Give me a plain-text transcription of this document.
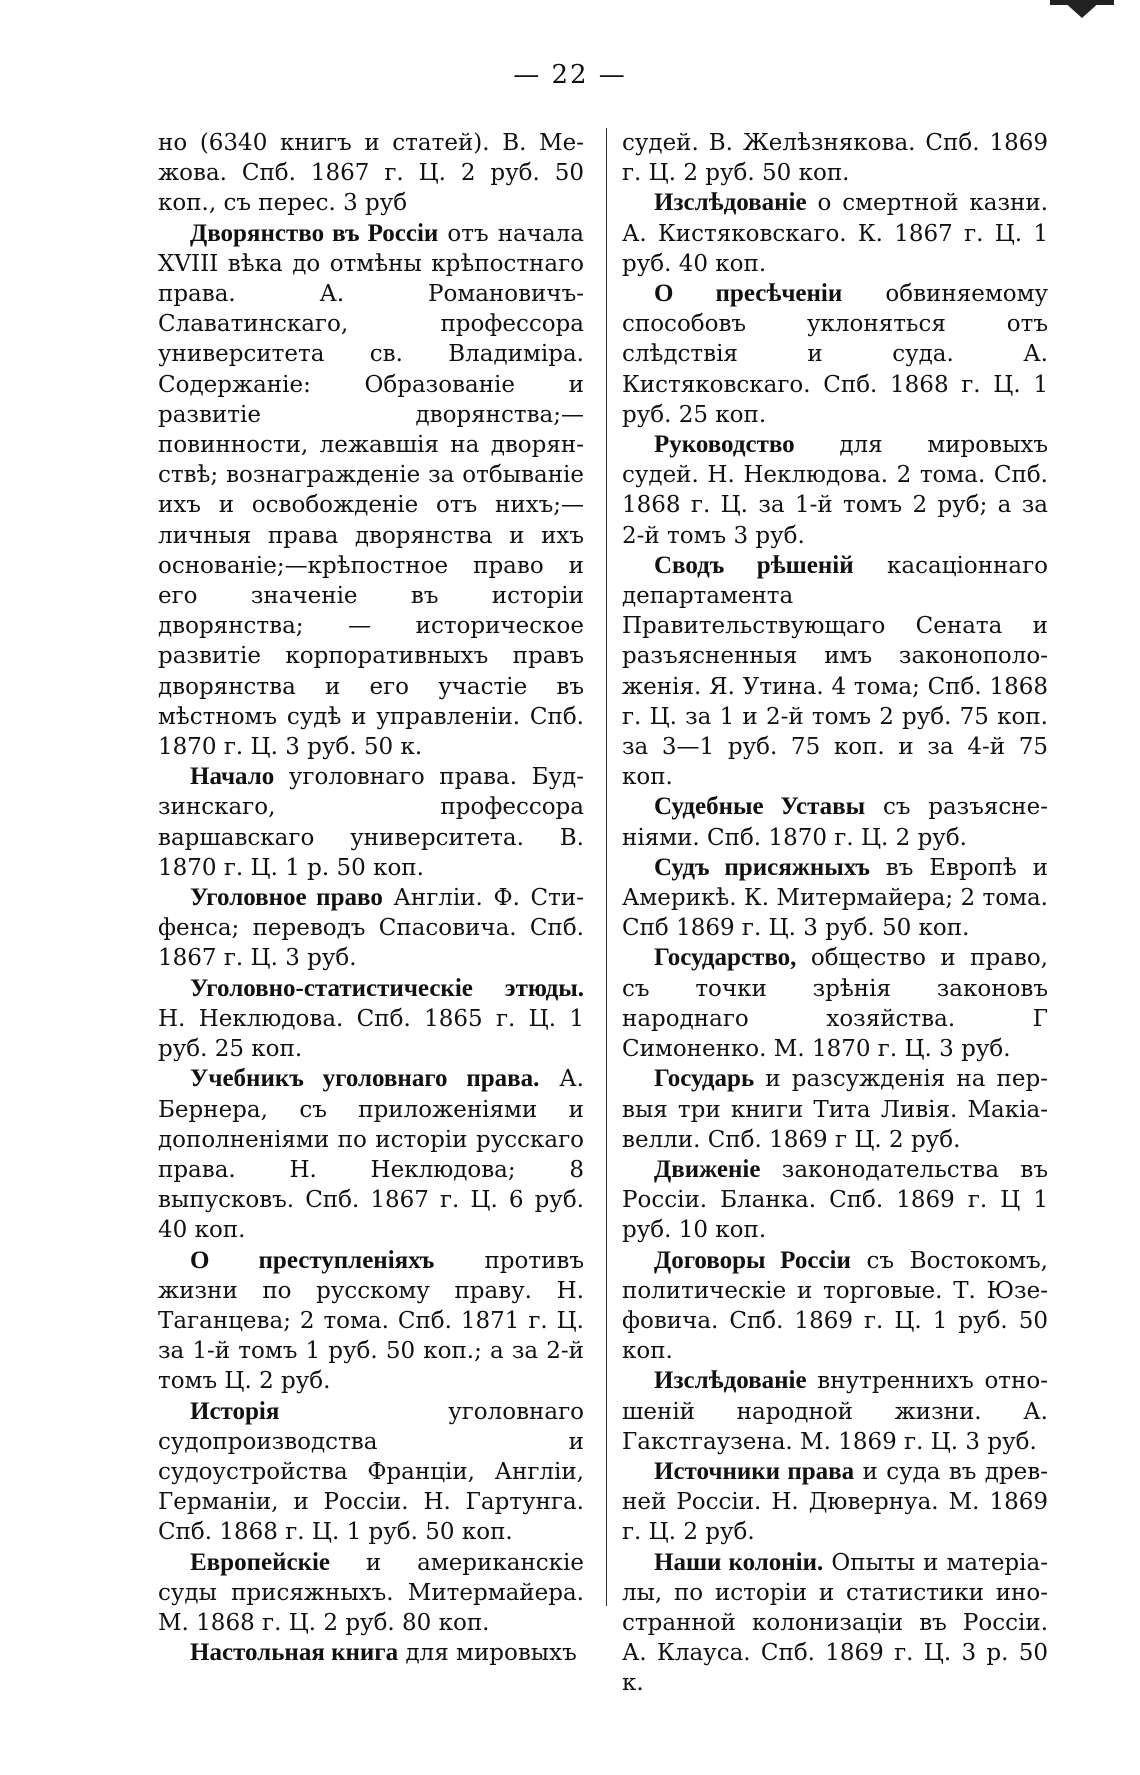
— 22 —

но (6340 книгъ и статей). В. Межова. Спб. 1867 г. Ц. 2 руб. 50 коп., съ перес. 3 руб

Дворянство въ Россіи отъ начала XVIII вѣка до отмѣны крѣпостнаго права. А. Романовичъ-Славатинскаго, профессора университета св. Владиміра. Содержаніе: Образованіе и развитіе дворянства;— повинности, лежавшія на дворянствѣ; вознагражденіе за отбываніе ихъ и освобожденіе отъ нихъ;— личныя права дворянства и ихъ основаніе;—крѣпостное право и его значеніе въ исторіи дворянства; — историческое развитіе корпоративныхъ правъ дворянства и его участіе въ мѣстномъ судѣ и управленіи. Спб. 1870 г. Ц. 3 руб. 50 к.

Начало уголовнаго права. Будзинскаго, профессора варшавскаго университета. В. 1870 г. Ц. 1 р. 50 коп.

Уголовное право Англіи. Ф. Стифенса; переводъ Спасовича. Спб. 1867 г. Ц. 3 руб.

Уголовно-статистическіе этюды. Н. Неклюдова. Спб. 1865 г. Ц. 1 руб. 25 коп.

Учебникъ уголовнаго права. А. Бернера, съ приложеніями и дополненіями по исторіи русскаго права. Н. Неклюдова; 8 выпусковъ. Спб. 1867 г. Ц. 6 руб. 40 коп.

О преступленіяхъ противъ жизни по русскому праву. Н. Таганцева; 2 тома. Спб. 1871 г. Ц. за 1-й томъ 1 руб. 50 коп.; а за 2-й томъ Ц. 2 руб.

Исторія уголовнаго судопроизводства и судоустройства Франціи, Англіи, Германіи, и Россіи. Н. Гартунга. Спб. 1868 г. Ц. 1 руб. 50 коп.

Европейскіе и американскіе суды присяжныхъ. Митермайера. М. 1868 г. Ц. 2 руб. 80 коп.

Настольная книга для мировыхъ

судей. В. Желѣзнякова. Спб. 1869 г. Ц. 2 руб. 50 коп.

Изслѣдованіе о смертной казни. А. Кистяковскаго. К. 1867 г. Ц. 1 руб. 40 коп.

О пресѣченіи обвиняемому способовъ уклоняться отъ слѣдствія и суда. А. Кистяковскаго. Спб. 1868 г. Ц. 1 руб. 25 коп.

Руководство для мировыхъ судей. Н. Неклюдова. 2 тома. Спб. 1868 г. Ц. за 1-й томъ 2 руб; а за 2-й томъ 3 руб.

Сводъ рѣшеній касаціоннаго департамента Правительствующаго Сената и разъясненныя имъ законоположенія. Я. Утина. 4 тома; Спб. 1868 г. Ц. за 1 и 2-й томъ 2 руб. 75 коп. за 3—1 руб. 75 коп. и за 4-й 75 коп.

Судебные Уставы съ разъясненіями. Спб. 1870 г. Ц. 2 руб.

Судъ присяжныхъ въ Европѣ и Америкѣ. К. Митермайера; 2 тома. Спб 1869 г. Ц. 3 руб. 50 коп.

Государство, общество и право, съ точки зрѣнія законовъ народнаго хозяйства. Г Симоненко. М. 1870 г. Ц. 3 руб.

Государь и разсужденія на первыя три книги Тита Ливія. Макіавелли. Спб. 1869 г Ц. 2 руб.

Движеніе законодательства въ Россіи. Бланка. Спб. 1869 г. Ц 1 руб. 10 коп.

Договоры Россіи съ Востокомъ, политическіе и торговые. Т. Юзефовича. Спб. 1869 г. Ц. 1 руб. 50 коп.

Изслѣдованіе внутреннихъ отношеній народной жизни. А. Гакстгаузена. М. 1869 г. Ц. 3 руб.

Источники права и суда въ древней Россіи. Н. Дювернуа. М. 1869 г. Ц. 2 руб.

Наши колоніи. Опыты и матеріалы, по исторіи и статистики иностранной колонизаціи въ Россіи. А. Клауса. Спб. 1869 г. Ц. 3 р. 50 к.
